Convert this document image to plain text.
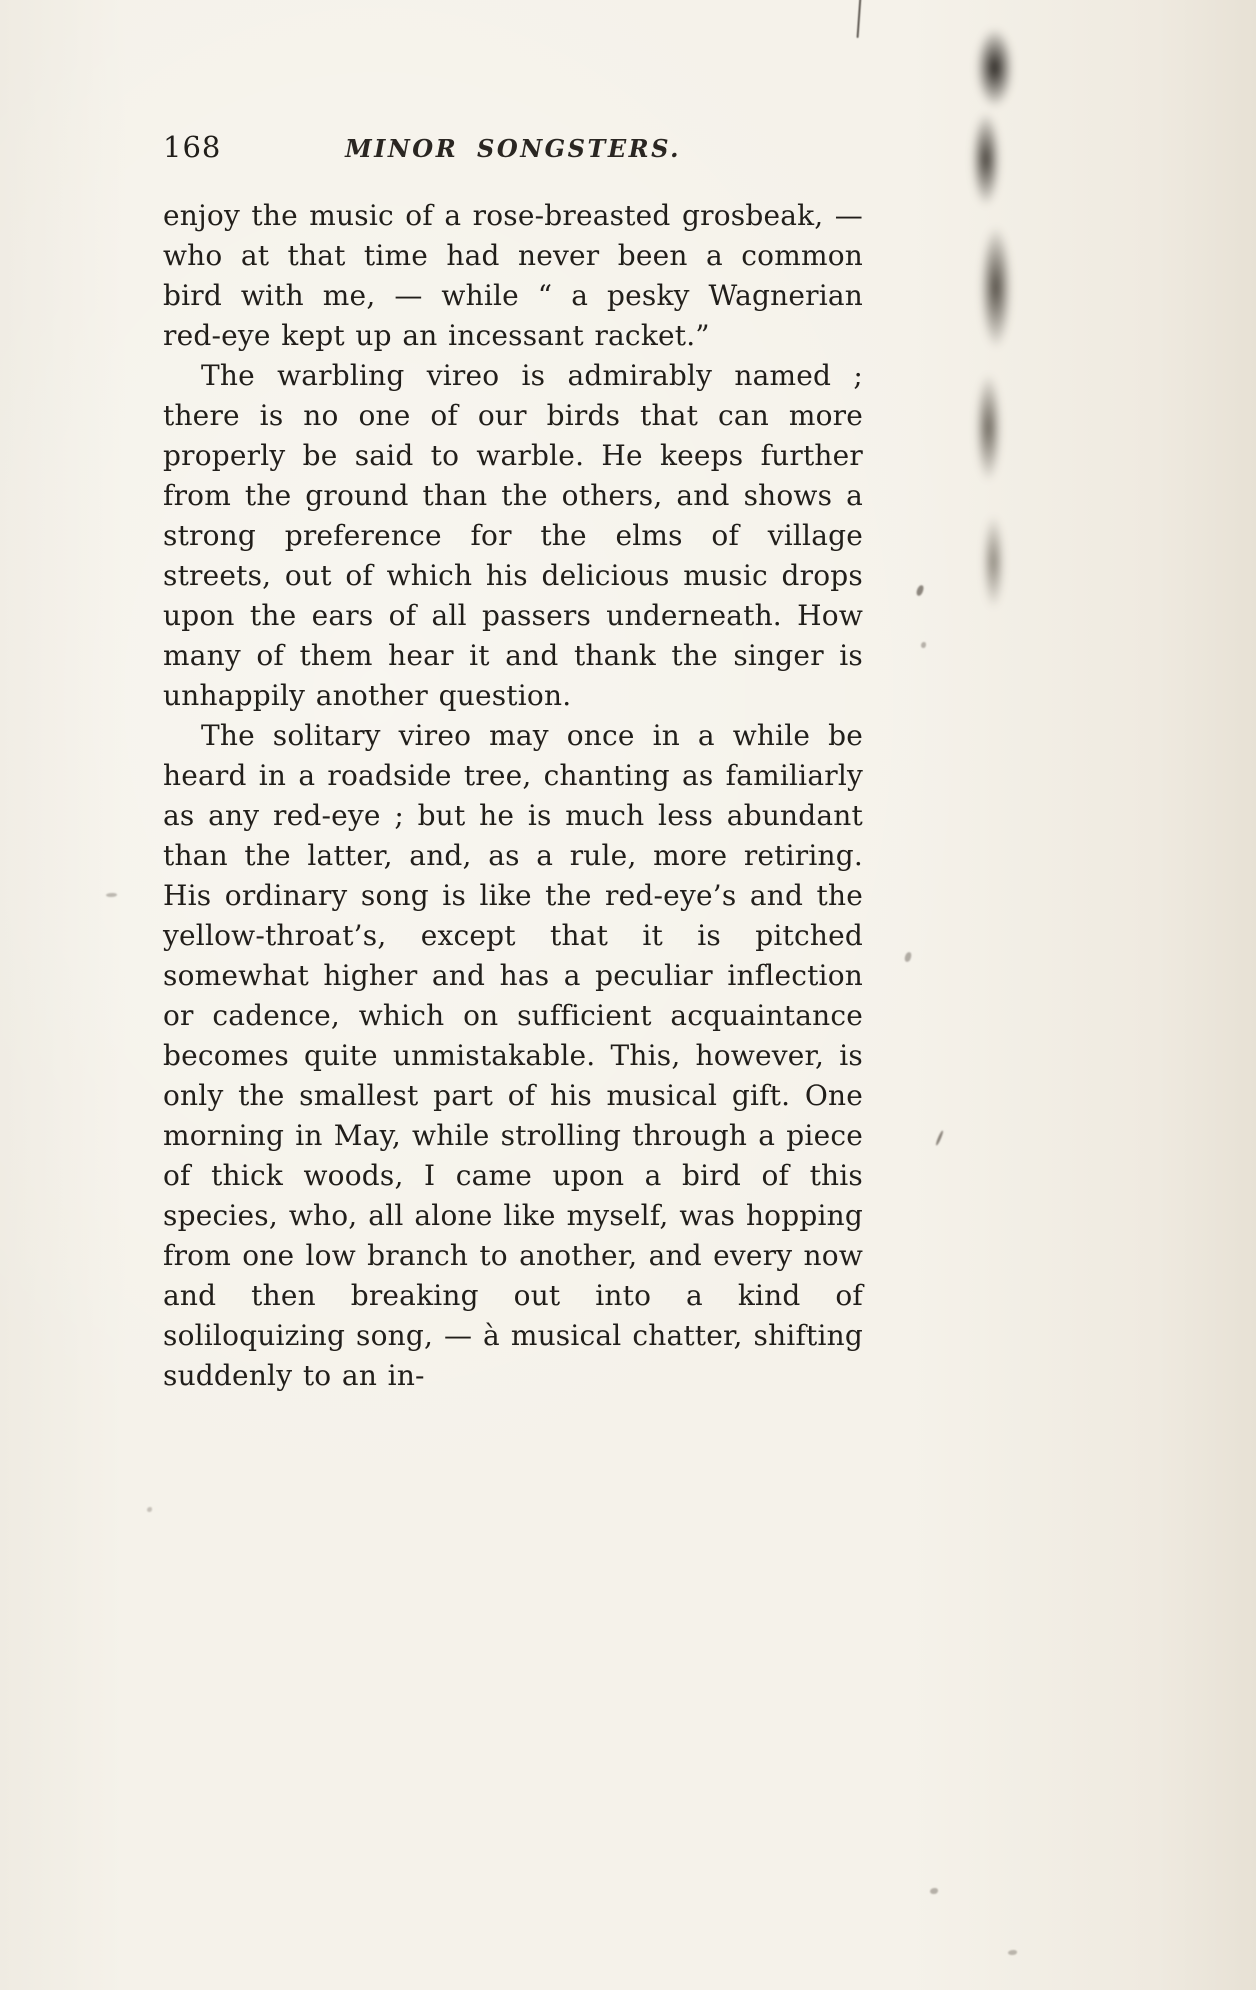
168	MINOR SONGSTERS.

enjoy the music of a rose-breasted grosbeak, — who at that time had never been a common bird with me, — while “ a pesky Wagnerian red-eye kept up an incessant racket.”

The warbling vireo is admirably named ; there is no one of our birds that can more properly be said to warble. He keeps further from the ground than the others, and shows a strong preference for the elms of village streets, out of which his delicious music drops upon the ears of all passers underneath. How many of them hear it and thank the singer is unhappily another question.

The solitary vireo may once in a while be heard in a roadside tree, chanting as familiarly as any red-eye ; but he is much less abundant than the latter, and, as a rule, more retiring. His ordinary song is like the red-eye’s and the yellow-throat’s, except that it is pitched somewhat higher and has a peculiar inflection or cadence, which on sufficient acquaintance becomes quite unmistakable. This, however, is only the smallest part of his musical gift. One morning in May, while strolling through a piece of thick woods, I came upon a bird of this species, who, all alone like myself, was hopping from one low branch to another, and every now and then breaking out into a kind of soliloquizing song, — à musical chatter, shifting suddenly to an in-
